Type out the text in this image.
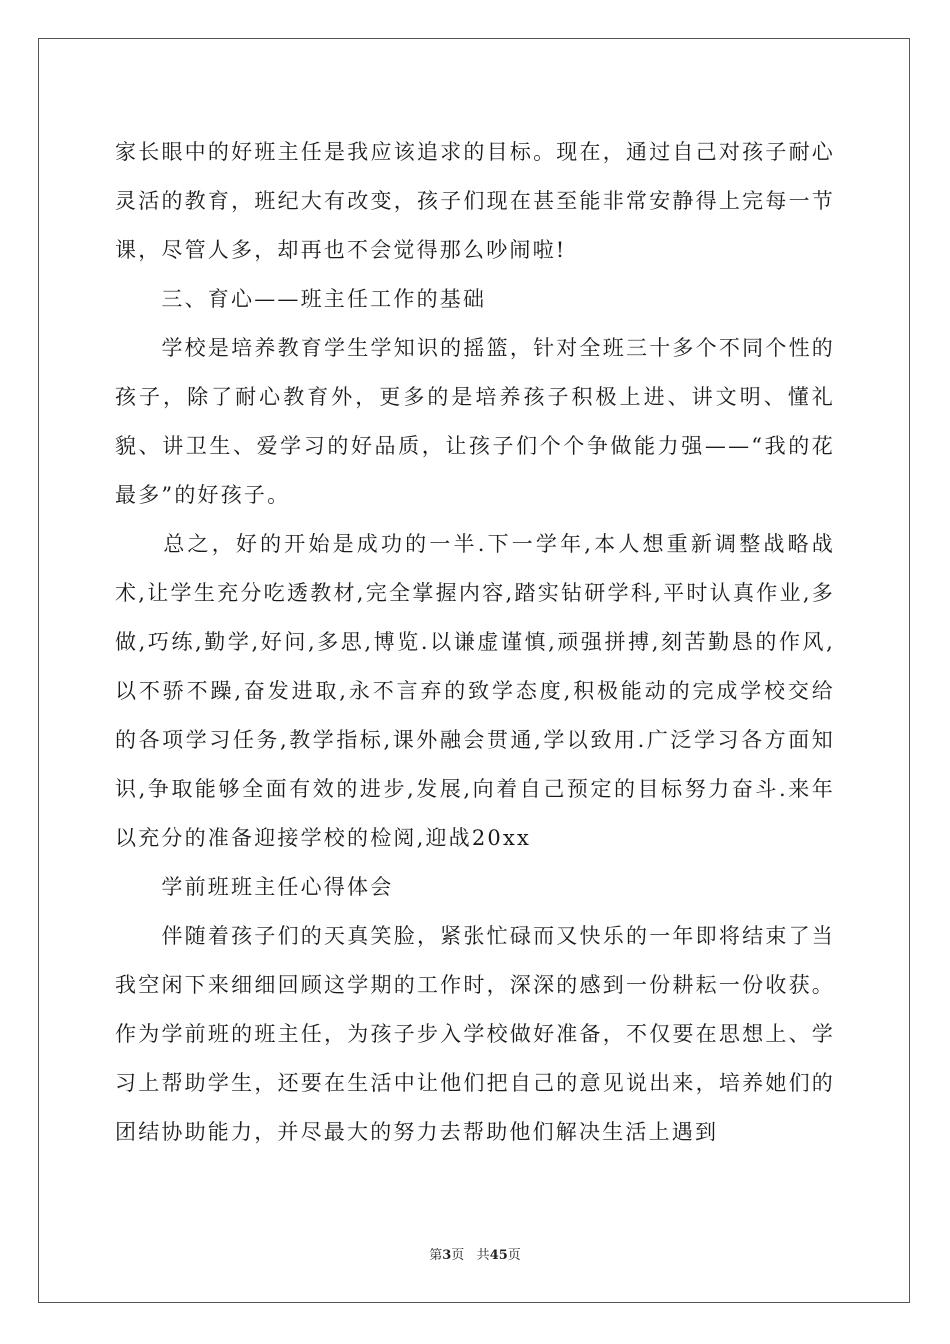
家长眼中的好班主任是我应该追求的目标。现在，通过自己对孩子耐心灵活的教育，班纪大有改变，孩子们现在甚至能非常安静得上完每一节课，尽管人多，却再也不会觉得那么吵闹啦!

　　三、育心——班主任工作的基础

　　学校是培养教育学生学知识的摇篮，针对全班三十多个不同个性的孩子，除了耐心教育外，更多的是培养孩子积极上进、讲文明、懂礼貌、讲卫生、爱学习的好品质，让孩子们个个争做能力强——“我的花最多”的好孩子。

　　总之，好的开始是成功的一半.下一学年,本人想重新调整战略战术,让学生充分吃透教材,完全掌握内容,踏实钻研学科,平时认真作业,多做,巧练,勤学,好问,多思,博览.以谦虚谨慎,顽强拼搏,刻苦勤恳的作风,以不骄不躁,奋发进取,永不言弃的致学态度,积极能动的完成学校交给的各项学习任务,教学指标,课外融会贯通,学以致用.广泛学习各方面知识,争取能够全面有效的进步,发展,向着自己预定的目标努力奋斗.来年以充分的准备迎接学校的检阅,迎战20xx

　　学前班班主任心得体会

　　伴随着孩子们的天真笑脸，紧张忙碌而又快乐的一年即将结束了当我空闲下来细细回顾这学期的工作时，深深的感到一份耕耘一份收获。作为学前班的班主任，为孩子步入学校做好准备，不仅要在思想上、学习上帮助学生，还要在生活中让他们把自己的意见说出来，培养她们的团结协助能力，并尽最大的努力去帮助他们解决生活上遇到

第3页 共45页
